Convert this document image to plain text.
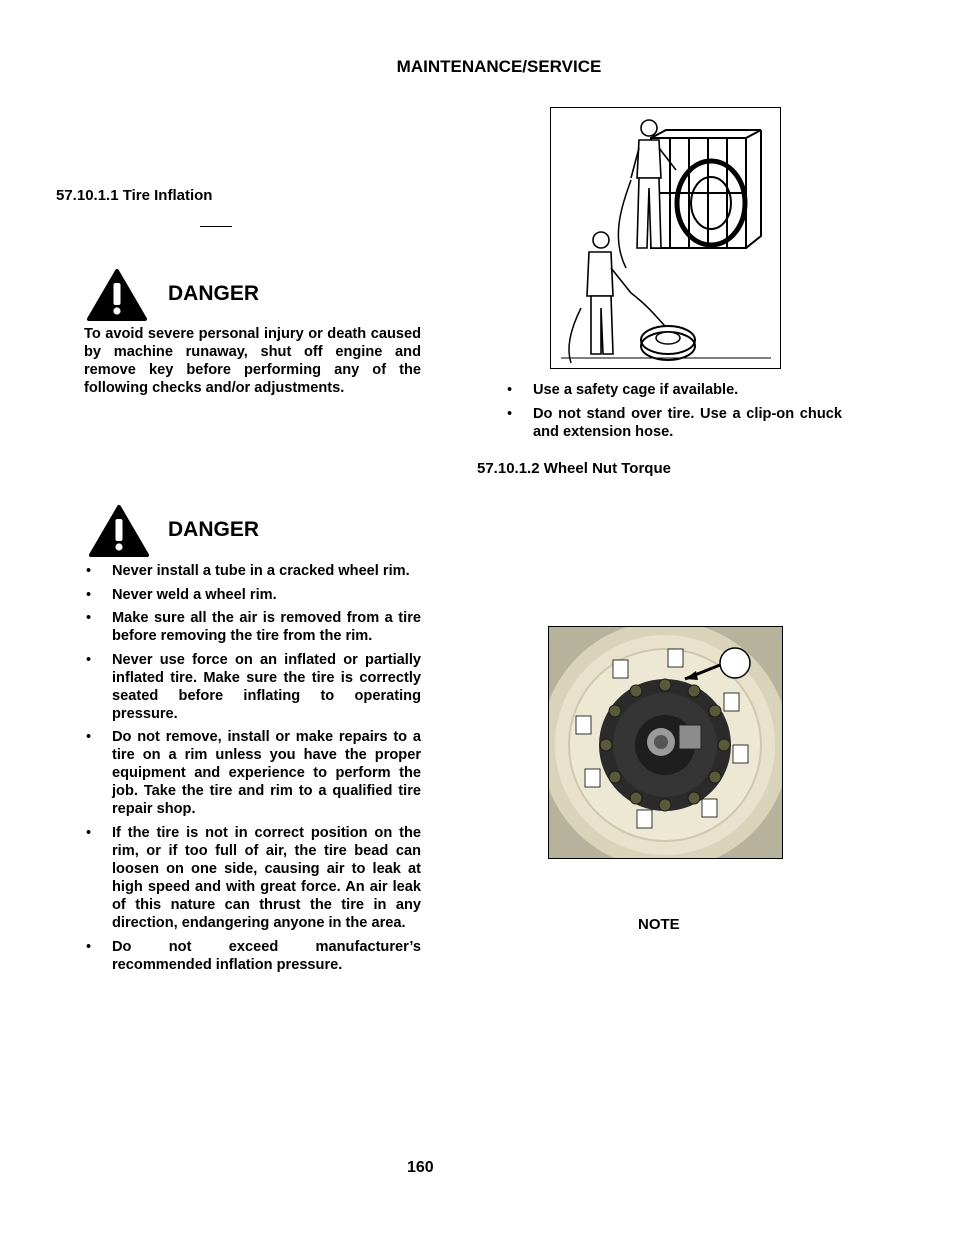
MAINTENANCE/SERVICE
57.10.1.1 Tire Inflation
DANGER
To avoid severe personal injury or death caused by machine runaway, shut off engine and remove key before performing any of the following checks and/or adjustments.
DANGER
• Never install a tube in a cracked wheel rim.
• Never weld a wheel rim.
• Make sure all the air is removed from a tire before removing the tire from the rim.
• Never use force on an inflated or partially inflated tire. Make sure the tire is correctly seated before inflating to operating pressure.
• Do not remove, install or make repairs to a tire on a rim unless you have the proper equipment and experience to perform the job. Take the tire and rim to a qualified tire repair shop.
• If the tire is not in correct position on the rim, or if too full of air, the tire bead can loosen on one side, causing air to leak at high speed and with great force. An air leak of this nature can thrust the tire in any direction, endangering anyone in the area.
• Do not exceed manufacturer’s recommended inflation pressure.
• Use a safety cage if available.
• Do not stand over tire. Use a clip-on chuck and extension hose.
57.10.1.2 Wheel Nut Torque
NOTE
160
